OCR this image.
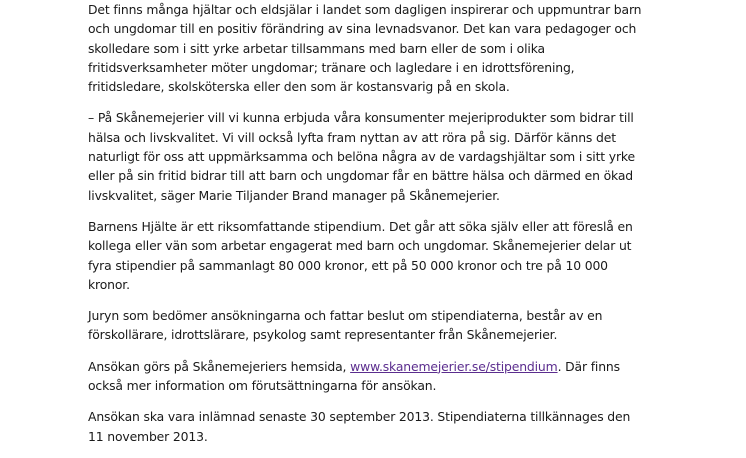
Det finns många hjältar och eldsjälar i landet som dagligen inspirerar och uppmuntrar barn och ungdomar till en positiv förändring av sina levnadsvanor. Det kan vara pedagoger och skolledare som i sitt yrke arbetar tillsammans med barn eller de som i olika fritidsverksamheter möter ungdomar; tränare och lagledare i en idrottsförening, fritidsledare, skolsköterska eller den som är kostansvarig på en skola.

– På Skånemejerier vill vi kunna erbjuda våra konsumenter mejeriprodukter som bidrar till hälsa och livskvalitet. Vi vill också lyfta fram nyttan av att röra på sig. Därför känns det naturligt för oss att uppmärksamma och belöna några av de vardagshjältar som i sitt yrke eller på sin fritid bidrar till att barn och ungdomar får en bättre hälsa och därmed en ökad livskvalitet, säger Marie Tiljander Brand manager på Skånemejerier.

Barnens Hjälte är ett riksomfattande stipendium. Det går att söka själv eller att föreslå en kollega eller vän som arbetar engagerat med barn och ungdomar. Skånemejerier delar ut fyra stipendier på sammanlagt 80 000 kronor, ett på 50 000 kronor och tre på 10 000 kronor.

Juryn som bedömer ansökningarna och fattar beslut om stipendiaterna, består av en förskollärare, idrottslärare, psykolog samt representanter från Skånemejerier.

Ansökan görs på Skånemejeriers hemsida, www.skanemejerier.se/stipendium. Där finns också mer information om förutsättningarna för ansökan.

Ansökan ska vara inlämnad senaste 30 september 2013. Stipendiaterna tillkännages den 11 november 2013.
